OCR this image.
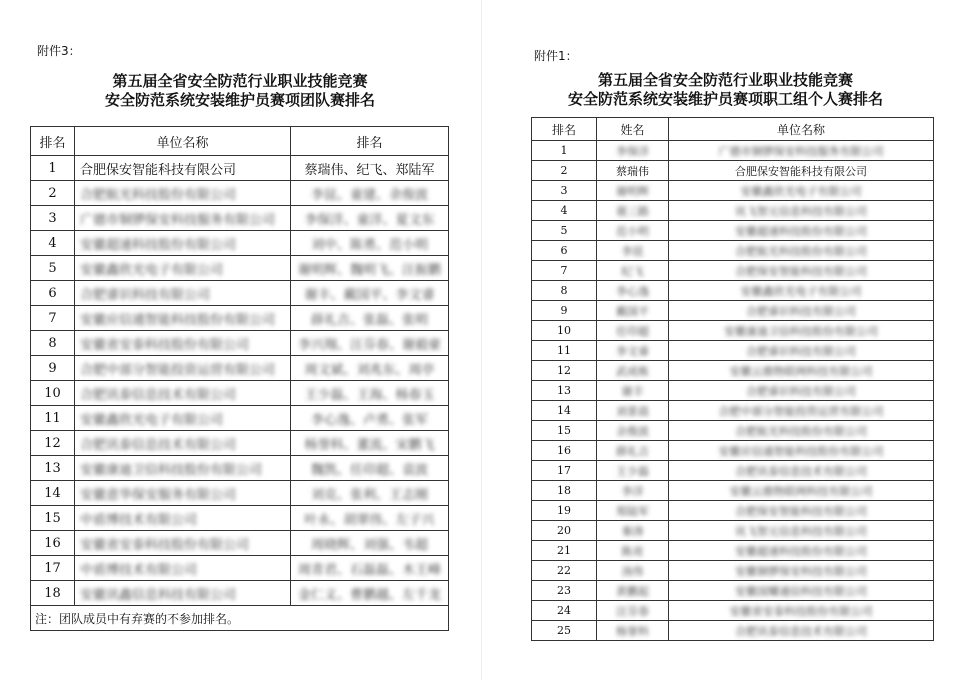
附件3：
第五届全省安全防范行业职业技能竞赛
安全防范系统安装维护员赛项团队赛排名
排名	单位名称	排名
1	合肥保安智能科技有限公司	蔡瑞伟、纪飞、郑陆军
2	合肥航光科技股份有限公司	李昆、童建、余俊波
3	广德市铜锣保安科技服务有限公司	李保洋、童洋、夏文东
4	安徽超速科技股份有限公司	刘中、陈勇、范小明
5	安徽鑫欣光电子有限公司	谢明辉、魏明飞、汪振鹏
6	合肥睿识科技有限公司	谢丰、戴国平、李文睿
7	安徽应信通智能科技股份有限公司	薛礼吉、张磊、张明
8	安徽省安泰科技股份有限公司	李兴翔、汪芬春、谢毅豪
9	合肥中部分智能投资运营有限公司	周文斌、刘兆东、周亭
10	合肥讯泰信息技术有限公司	王少磊、王海、杨春玉
11	安徽鑫欣光电子有限公司	李心逸、卢勇、张军
12	合肥讯泰信息技术有限公司	杨誉科、董流、宋鹏飞
13	安徽康迪卫信科技股份有限公司	魏凯、任印超、袁波
14	安徽意华保安服务有限公司	刘克、张利、王志刚
15	中盾博技术有限公司	叶永、胡翠伟、左子兴
16	安徽省安泰科技股份有限公司	周晓辉、刘强、韦超
17	中盾博技术有限公司	周青君、石磊磊、木王峰
18	安徽讯鑫信息科技有限公司	金仁义、曹鹏越、左千龙
注：团队成员中有弃赛的不参加排名。		
附件1：
第五届全省安全防范行业职业技能竞赛
安全防范系统安装维护员赛项职工组个人赛排名
排名	姓名	单位名称
1	李保洋	广德市铜锣保安科技服务有限公司
2	蔡瑞伟	合肥保安智能科技有限公司
3	谢明辉	安徽鑫欣光电子有限公司
4	聂三路	讯飞智元信息科技有限公司
5	范小明	安徽超速科技股份有限公司
6	李昆	合肥航光科技股份有限公司
7	纪飞	合肥保安智能科技有限公司
8	李心逸	安徽鑫欣光电子有限公司
9	戴国平	合肥睿识科技有限公司
10	任印超	安徽康迪卫信科技股份有限公司
11	李文睿	合肥睿识科技有限公司
12	武成栋	安徽云鼎物联网科技有限公司
13	谢丰	合肥睿识科技有限公司
14	刘景晨	合肥中部分智能投资运营有限公司
15	余俊波	合肥航光科技股份有限公司
16	薛礼吉	安徽应信通智能科技股份有限公司
17	王少磊	合肥讯泰信息技术有限公司
18	李洋	安徽云鼎物联网科技有限公司
19	郑陆军	合肥保安智能科技有限公司
20	秦涛	讯飞智元信息科技有限公司
21	陈亮	安徽超速科技股份有限公司
22	汤伟	安徽铜锣保安科技有限公司
23	黄鹏起	安徽国耀通信科技有限公司
24	汪芬春	安徽省安泰科技股份有限公司
25	杨誉科	合肥讯泰信息技术有限公司
